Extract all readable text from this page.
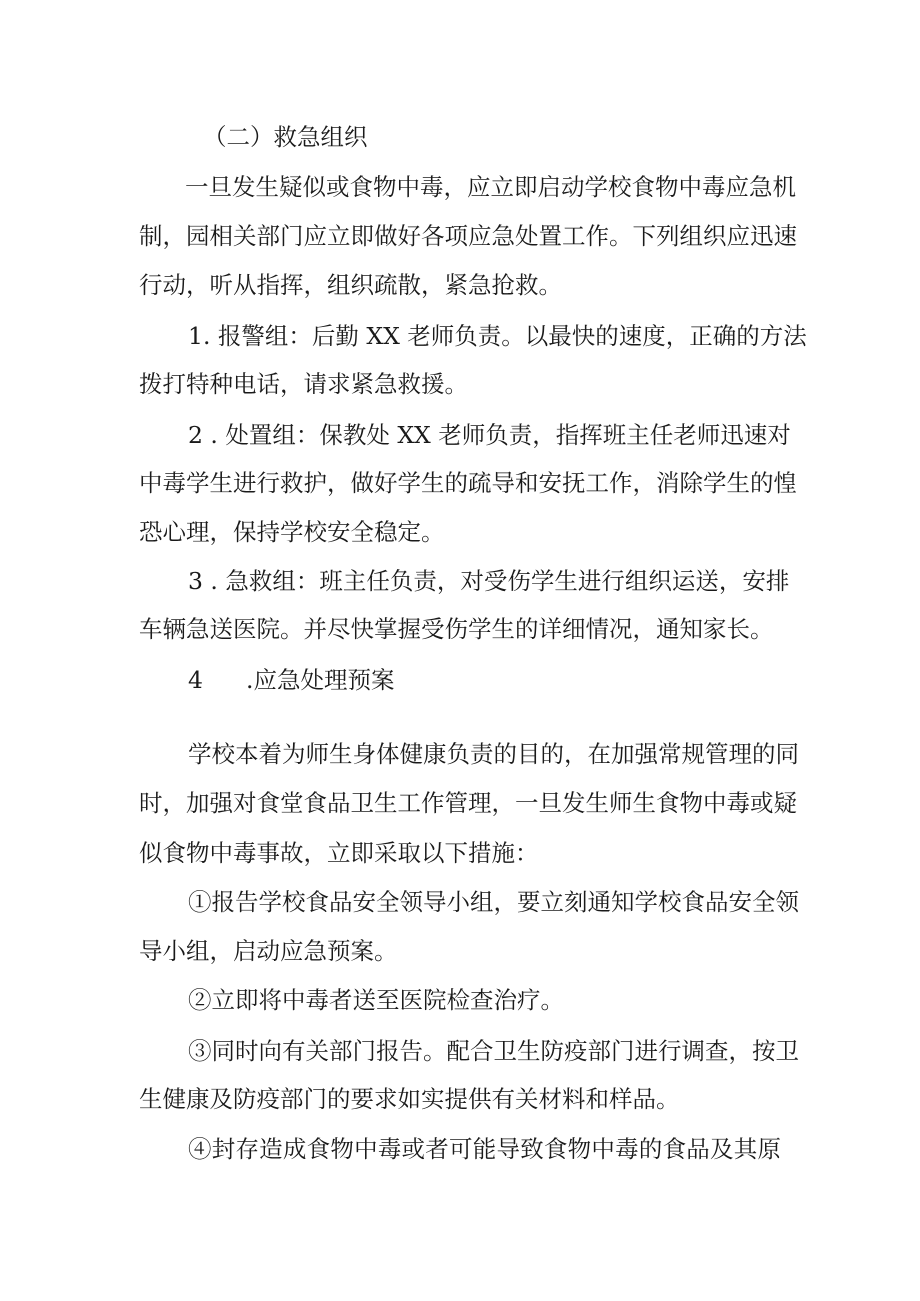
（二）救急组织

一旦发生疑似或食物中毒，应立即启动学校食物中毒应急机

制，园相关部门应立即做好各项应急处置工作。下列组织应迅速

行动，听从指挥，组织疏散，紧急抢救。

1. 报警组：后勤 XX 老师负责。以最快的速度，正确的方法

拨打特种电话，请求紧急救援。

2 . 处置组：保教处 XX 老师负责，指挥班主任老师迅速对

中毒学生进行救护，做好学生的疏导和安抚工作，消除学生的惶

恐心理，保持学校安全稳定。

3 . 急救组：班主任负责，对受伤学生进行组织运送，安排

车辆急送医院。并尽快掌握受伤学生的详细情况，通知家长。

4 .应急处理预案

学校本着为师生身体健康负责的目的，在加强常规管理的同

时，加强对食堂食品卫生工作管理，一旦发生师生食物中毒或疑

似食物中毒事故，立即采取以下措施：

①报告学校食品安全领导小组，要立刻通知学校食品安全领

导小组，启动应急预案。

②立即将中毒者送至医院检查治疗。

③同时向有关部门报告。配合卫生防疫部门进行调查，按卫

生健康及防疫部门的要求如实提供有关材料和样品。

④封存造成食物中毒或者可能导致食物中毒的食品及其原
